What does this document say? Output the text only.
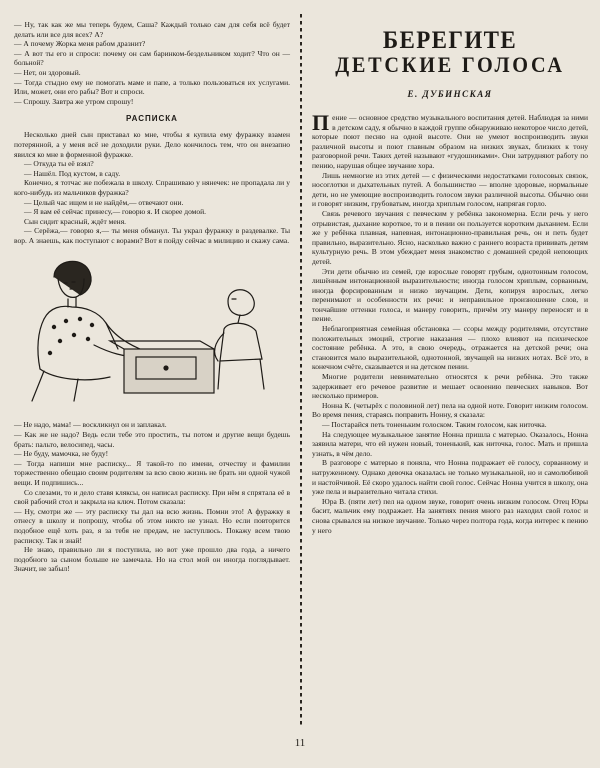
— Ну, так как же мы теперь будем, Саша? Каждый только сам для себя всё будет делать или все для всех? А?

— А почему Жорка меня рабом дразнит?

— А вот ты его и спроси: почему он сам баринком-бездельником ходит? Что он — больной?

— Нет, он здоровый.

— Тогда стыдно ему не помогать маме и папе, а только пользоваться их услугами. Или, может, они его рабы? Вот и спроси.

— Спрошу. Завтра же утром спрошу!

РАСПИСКА

Несколько дней сын приставал ко мне, чтобы я купила ему фуражку взамен потерянной, а у меня всё не доходили руки. Дело кончилось тем, что он внезапно явился ко мне в форменной фуражке.

— Откуда ты её взял?

— Нашёл. Под кустом, в саду.

Конечно, я тотчас же побежала в школу. Спрашиваю у нянечек: не пропадала ли у кого-нибудь из мальчиков фуражка?

— Целый час ищем и не найдём,— отвечают они.

— Я вам её сейчас принесу,— говорю я. И скорее домой.

Сын сидит красный, ждёт меня.

— Серёжа,— говорю я,— ты меня обманул. Ты украл фуражку в раздевалке. Ты вор. А знаешь, как поступают с ворами? Вот я пойду сейчас в милицию и скажу сама.

— Не надо, мама! — воскликнул он и заплакал.

— Как же не надо? Ведь если тебе это простить, ты потом и другие вещи будешь брать: пальто, велосипед, часы.

— Не буду, мамочка, не буду!

— Тогда напиши мне расписку... Я такой-то по имени, отчеству и фамилии торжественно обещаю своим родителям за всю свою жизнь не брать ни одной чужой вещи. И подпишись...

Со слезами, то и дело ставя кляксы, он написал расписку. При нём я спрятала её в свой рабочий стол и закрыла на ключ. Потом сказала:

— Ну, смотри же — эту расписку ты дал на всю жизнь. Помни это! А фуражку я отнесу в школу и попрошу, чтобы об этом никто не узнал. Но если повторится подобное ещё хоть раз, я за тебя не предам, не заступлюсь. Покажу всем твою расписку. Так и знай!

Не знаю, правильно ли я поступила, но вот уже прошло два года, а ничего подобного за сыном больше не замечала. Но на стол мой он иногда поглядывает. Значит, не забыл!

БЕРЕГИТЕ
ДЕТСКИЕ ГОЛОСА
Е. ДУБИНСКАЯ

Пение — основное средство музыкального воспитания детей. Наблюдая за ними в детском саду, я обычно в каждой группе обнаруживаю некоторое число детей, которые поют песню на одной высоте. Они не умеют воспроизводить звуки различной высоты и поют главным образом на низких звуках, близких к тону разговорной речи. Таких детей называют «гудошниками». Они затрудняют работу по пению, нарушая общее звучание хора.

Лишь немногие из этих детей — с физическими недостатками голосовых связок, носоглотки и дыхательных путей. А большинство — вполне здоровые, нормальные дети, но не умеющие воспроизводить голосом звуки различной высоты. Обычно они и говорят низким, грубоватым, иногда хриплым голосом, напрягая горло.

Связь речевого звучания с певческим у ребёнка закономерна. Если речь у него отрывистая, дыхание короткое, то и в пении он пользуется коротким дыханием. Если же у ребёнка плавная, напевная, интонационно-правильная речь, он и петь будет правильно, выразительно. Ясно, насколько важно с раннего возраста прививать детям культурную речь. В этом убеждает меня знакомство с домашней средой непоющих детей.

Эти дети обычно из семей, где взрослые говорят грубым, однотонным голосом, лишённым интонационной выразительности; иногда голосом хриплым, сорванным, иногда форсированным и низко звучащим. Дети, копируя взрослых, легко перенимают и особенности их речи: и неправильное произношение слов, и тончайшие оттенки голоса, и манеру говорить, причём эту манеру переносят и в пение.

Неблагоприятная семейная обстановка — ссоры между родителями, отсутствие положительных эмоций, строгие наказания — плохо влияют на психическое состояние ребёнка. А это, в свою очередь, отражается на детской речи; она становится мало выразительной, однотонной, звучащей на низких нотах. Всё это, в конечном счёте, сказывается и на детском пении.

Многие родители невнимательно относятся к речи ребёнка. Это также задерживает его речевое развитие и мешает освоению певческих навыков. Вот несколько примеров.

Нонна К. (четырёх с половиной лет) пела на одной ноте. Говорит низким голосом. Во время пения, стараясь поправить Нонну, я сказала:

— Постарайся петь тоненьким голоском. Таким голосом, как ниточка.

На следующее музыкальное занятие Нонна пришла с матерью. Оказалось, Нонна заявила матери, что ей нужен новый, тоненький, как ниточка, голос. Мать и пришла узнать, в чём дело.

В разговоре с матерью я поняла, что Нонна подражает её голосу, сорванному и натруженному. Однако девочка оказалась не только музыкальной, но и самолюбивой и настойчивой. Её скоро удалось найти свой голос. Сейчас Нонна учится в школу, она уже пела и выразительно читала стихи.

Юра В. (пяти лет) пел на одном звуке, говорит очень низким голосом. Отец Юры басит, мальчик ему подражает. На занятиях пения много раз находил свой голос и снова срывался на низкое звучание. Только через полтора года, когда интерес к пению у него

11
